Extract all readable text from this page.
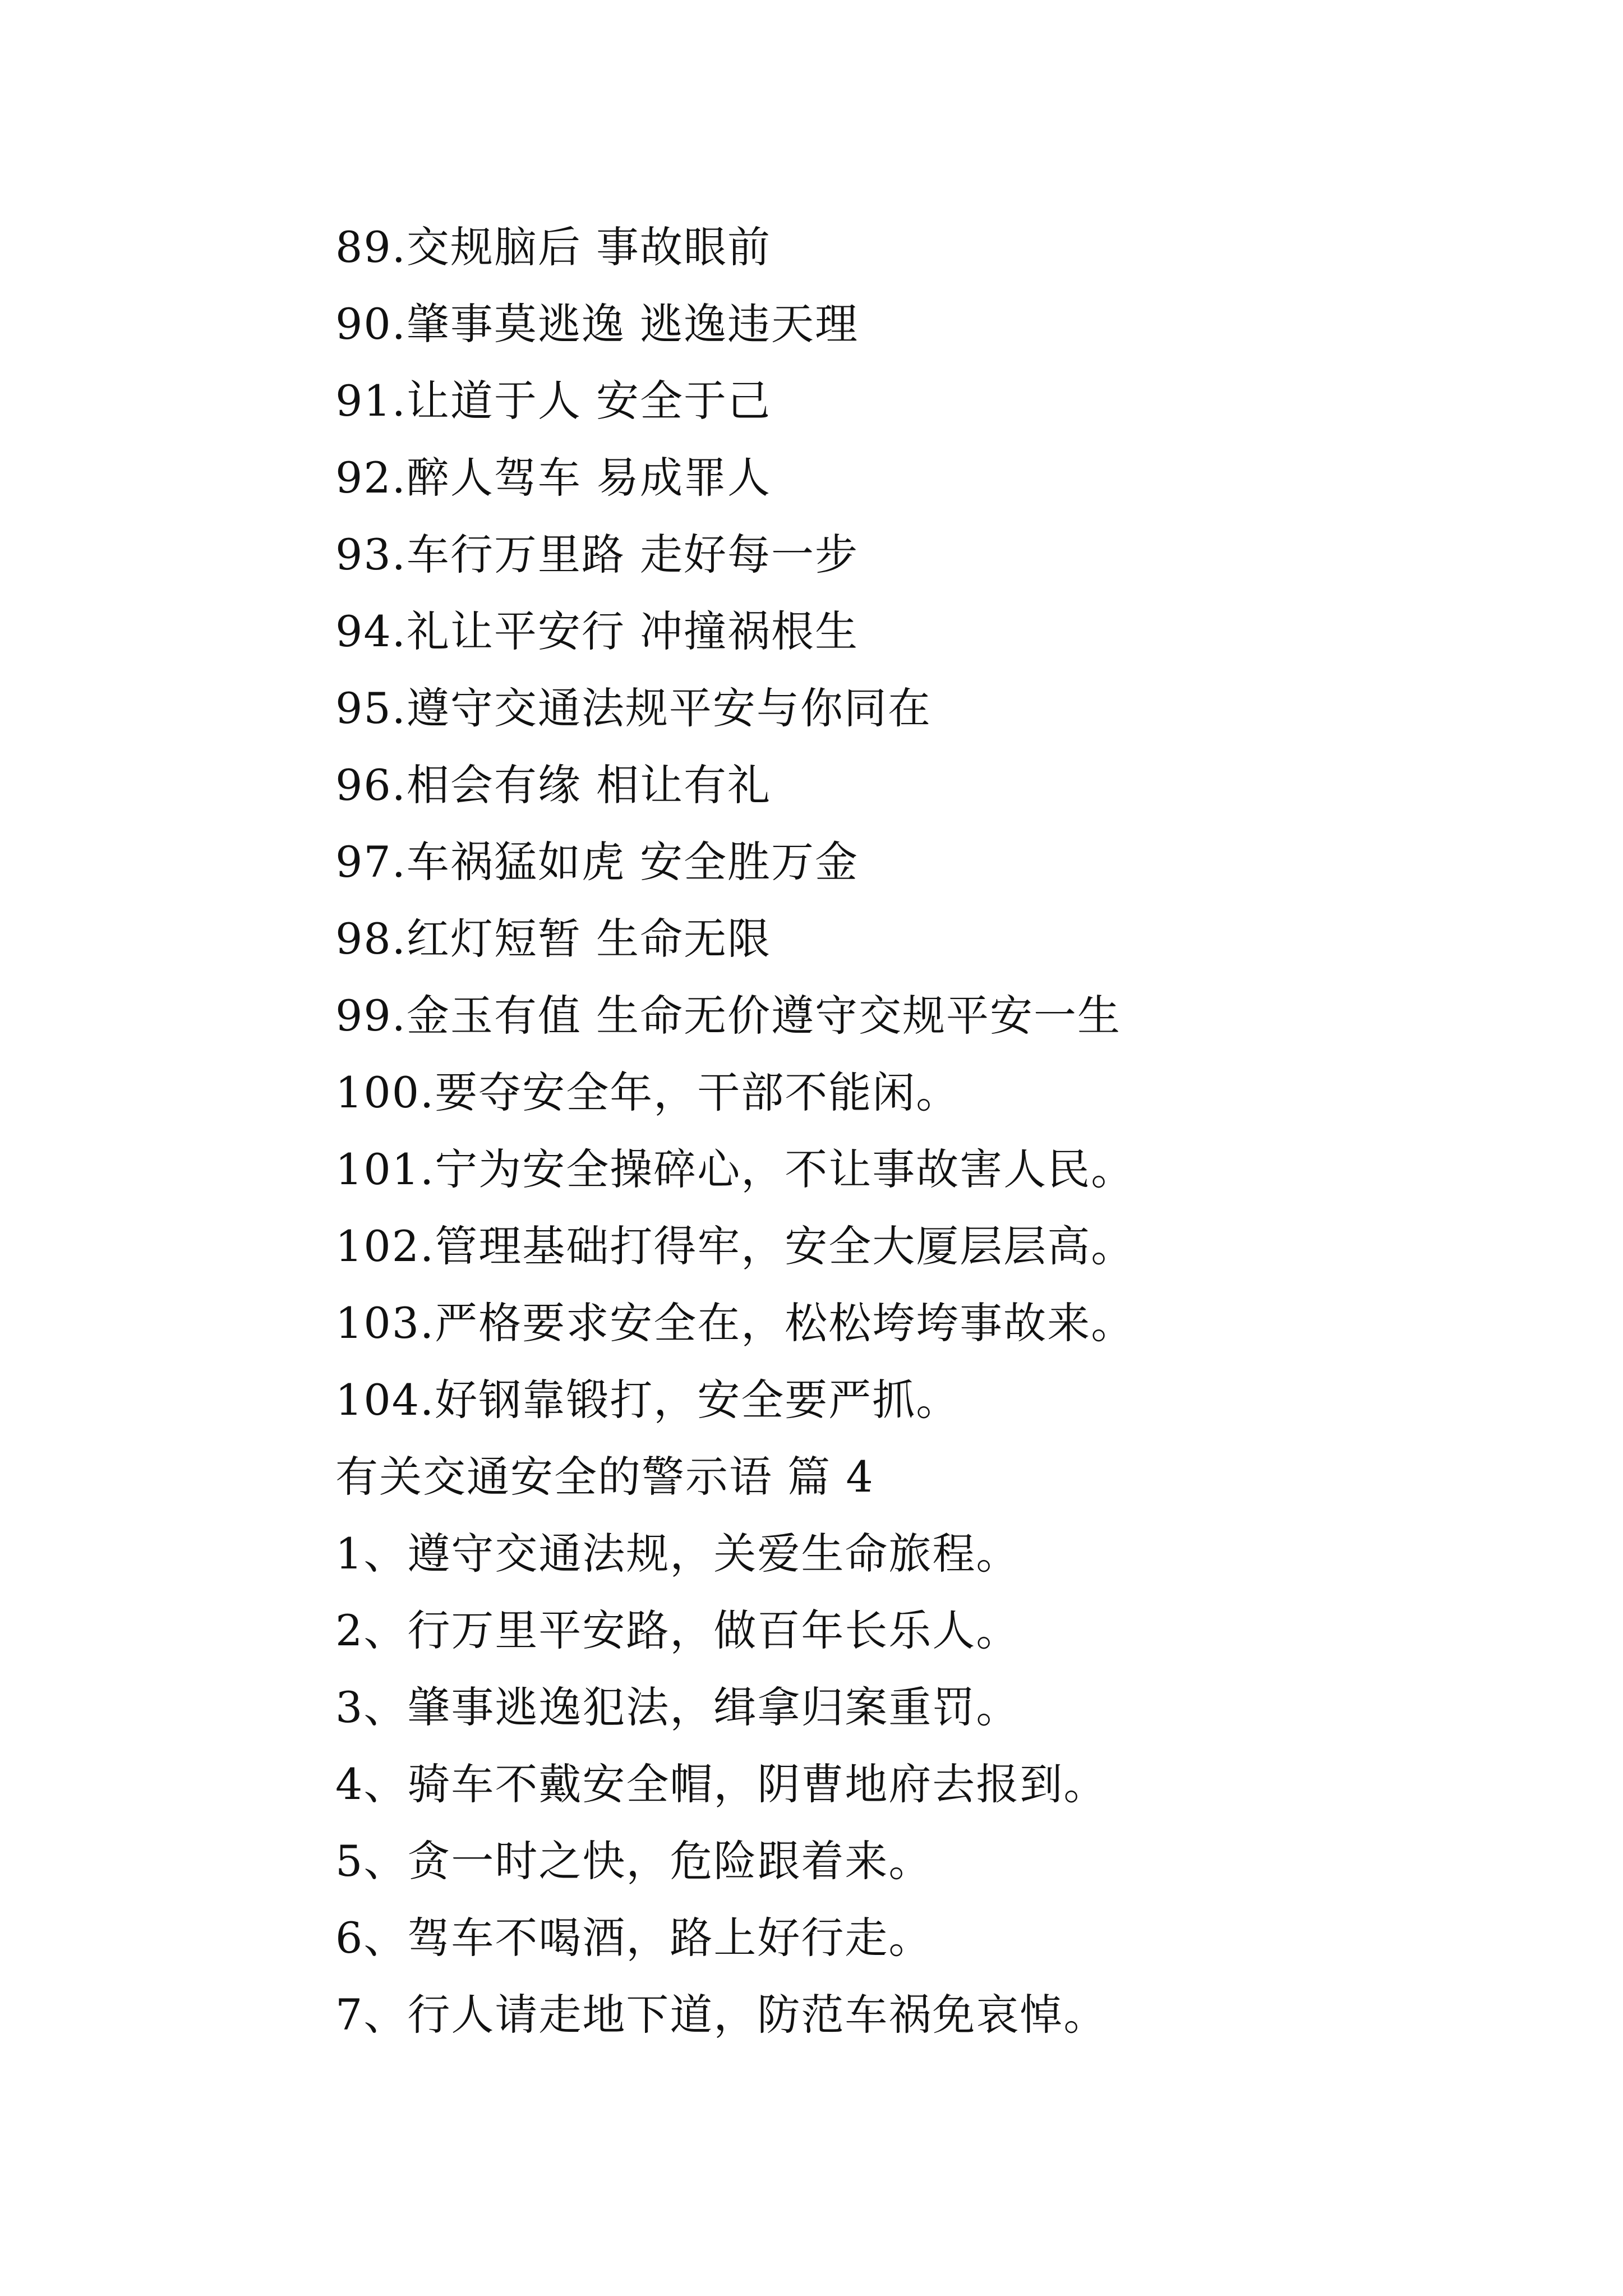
89.交规脑后 事故眼前
90.肇事莫逃逸 逃逸违天理
91.让道于人 安全于己
92.醉人驾车 易成罪人
93.车行万里路 走好每一步
94.礼让平安行 冲撞祸根生
95.遵守交通法规平安与你同在
96.相会有缘 相让有礼
97.车祸猛如虎 安全胜万金
98.红灯短暂 生命无限
99.金玉有值 生命无价遵守交规平安一生
100.要夺安全年，干部不能闲。
101.宁为安全操碎心，不让事故害人民。
102.管理基础打得牢，安全大厦层层高。
103.严格要求安全在，松松垮垮事故来。
104.好钢靠锻打，安全要严抓。
有关交通安全的警示语 篇 4
1、遵守交通法规，关爱生命旅程。
2、行万里平安路，做百年长乐人。
3、肇事逃逸犯法，缉拿归案重罚。
4、骑车不戴安全帽，阴曹地府去报到。
5、贪一时之快，危险跟着来。
6、驾车不喝酒，路上好行走。
7、行人请走地下道，防范车祸免哀悼。
